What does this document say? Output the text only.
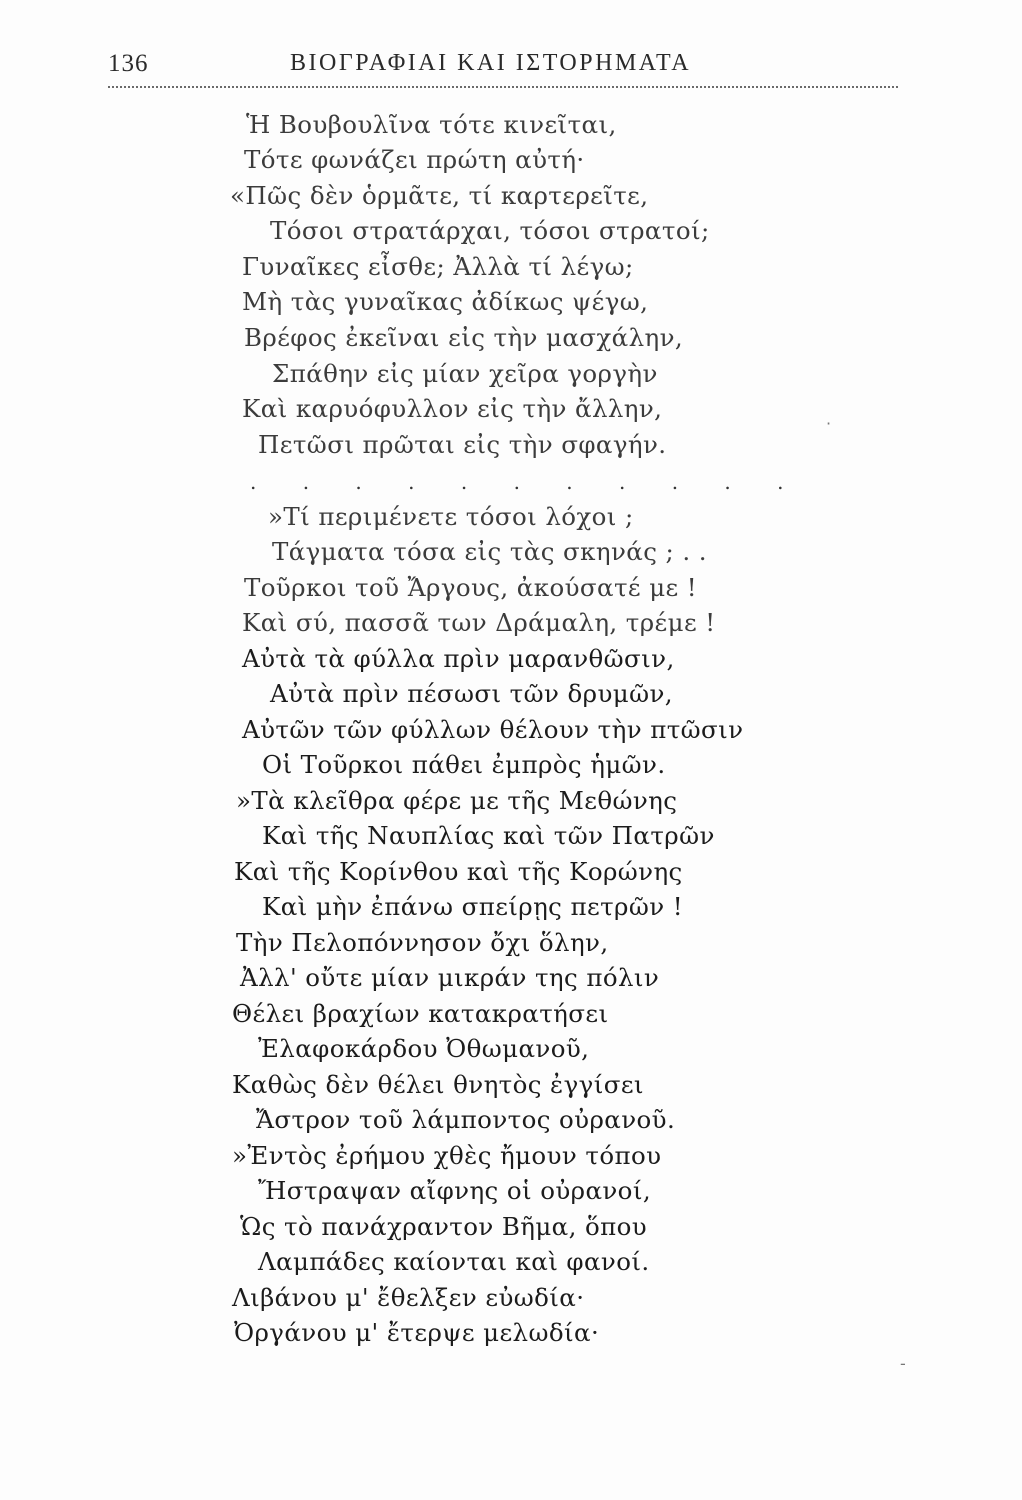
136	ΒΙΟΓΡΑΦΙΑΙ ΚΑΙ ΙΣΤΟΡΗΜΑΤΑ
Ἡ Βουβουλῖνα τότε κινεῖται,
Τότε φωνάζει πρώτη αὐτή·
«Πῶς δὲν ὁρμᾶτε, τί καρτερεῖτε,
Τόσοι στρατάρχαι, τόσοι στρατοί;
Γυναῖκες εἶσθε; Ἀλλὰ τί λέγω;
Μὴ τὰς γυναῖκας ἀδίκως ψέγω,
Βρέφος ἐκεῖναι εἰς τὴν μασχάλην,
Σπάθην εἰς μίαν χεῖρα γοργὴν
Καὶ καρυόφυλλον εἰς τὴν ἄλλην,
Πετῶσι πρῶται εἰς τὴν σφαγήν.
. . . . . . . . . . .
»Τί περιμένετε τόσοι λόχοι ;
Τάγματα τόσα εἰς τὰς σκηνάς ; . .
Τοῦρκοι τοῦ Ἄργους, ἀκούσατέ με !
Καὶ σύ, πασσᾶ των Δράμαλη, τρέμε !
Αὐτὰ τὰ φύλλα πρὶν μαρανθῶσιν,
Αὐτὰ πρὶν πέσωσι τῶν δρυμῶν,
Αὐτῶν τῶν φύλλων θέλουν τὴν πτῶσιν
Οἱ Τοῦρκοι πάθει ἐμπρὸς ἡμῶν.
»Τὰ κλεῖθρα φέρε με τῆς Μεθώνης
Καὶ τῆς Ναυπλίας καὶ τῶν Πατρῶν
Καὶ τῆς Κορίνθου καὶ τῆς Κορώνης
Καὶ μὴν ἐπάνω σπείρῃς πετρῶν !
Τὴν Πελοπόννησον ὄχι ὅλην,
Ἀλλ' οὔτε μίαν μικράν της πόλιν
Θέλει βραχίων κατακρατήσει
Ἐλαφοκάρδου Ὀθωμανοῦ,
Καθὼς δὲν θέλει θνητὸς ἐγγίσει
Ἄστρον τοῦ λάμποντος οὐρανοῦ.
»Ἐντὸς ἐρήμου χθὲς ἤμουν τόπου
Ἤστραψαν αἴφνης οἱ οὐρανοί,
Ὡς τὸ πανάχραντον Βῆμα, ὅπου
Λαμπάδες καίονται καὶ φανοί.
Λιβάνου μ' ἔθελξεν εὐωδία·
Ὀργάνου μ' ἔτερψε μελωδία·
·
-
